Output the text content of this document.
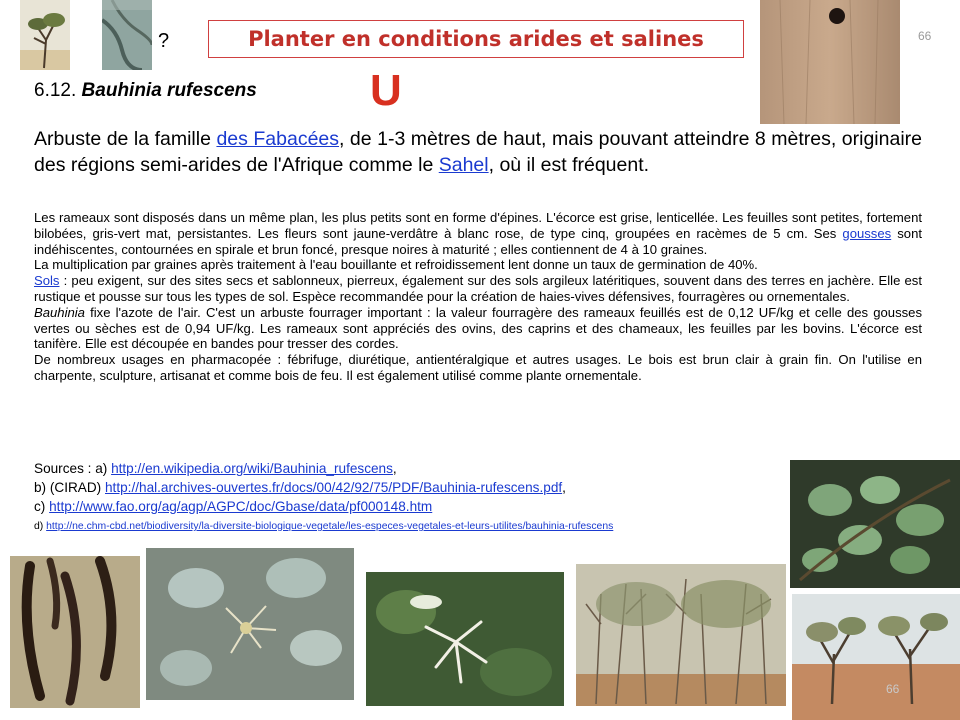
?	Planter en conditions arides et salines	66
6.12. Bauhinia rufescens	U
Arbuste de la famille des Fabacées, de 1-3 mètres de haut, mais pouvant atteindre 8 mètres, originaire des régions semi-arides de l'Afrique comme le Sahel, où il est fréquent.

Les rameaux sont disposés dans un même plan, les plus petits sont en forme d'épines. L'écorce est grise, lenticellée. Les feuilles sont petites, fortement bilobées, gris-vert mat, persistantes. Les fleurs sont jaune-verdâtre à blanc rose, de type cinq, groupées en racèmes de 5 cm. Ses gousses sont indéhiscentes, contournées en spirale et brun foncé, presque noires à maturité ; elles contiennent de 4 à 10 graines.

La multiplication par graines après traitement à l'eau bouillante et refroidissement lent donne un taux de germination de 40%.

Sols : peu exigent, sur des sites secs et sablonneux, pierreux, également sur des sols argileux latéritiques, souvent dans des terres en jachère. Elle est rustique et pousse sur tous les types de sol. Espèce recommandée pour la création de haies-vives défensives, fourragères ou ornementales.

Bauhinia fixe l'azote de l'air. C'est un arbuste fourrager important : la valeur fourragère des rameaux feuillés est de 0,12 UF/kg et celle des gousses vertes ou sèches est de 0,94 UF/kg. Les rameaux sont appréciés des ovins, des caprins et des chameaux, les feuilles par les bovins. L'écorce est tanifère. Elle est découpée en bandes pour tresser des cordes.

De nombreux usages en pharmacopée : fébrifuge, diurétique, antientéralgique et autres usages. Le bois est brun clair à grain fin. On l'utilise en charpente, sculpture, artisanat et comme bois de feu. Il est également utilisé comme plante ornementale.

Sources : a) http://en.wikipedia.org/wiki/Bauhinia_rufescens,
b) (CIRAD) http://hal.archives-ouvertes.fr/docs/00/42/92/75/PDF/Bauhinia-rufescens.pdf,
c) http://www.fao.org/ag/agp/AGPC/doc/Gbase/data/pf000148.htm
d) http://ne.chm-cbd.net/biodiversity/la-diversite-biologique-vegetale/les-especes-vegetales-et-leurs-utilites/bauhinia-rufescens
66
